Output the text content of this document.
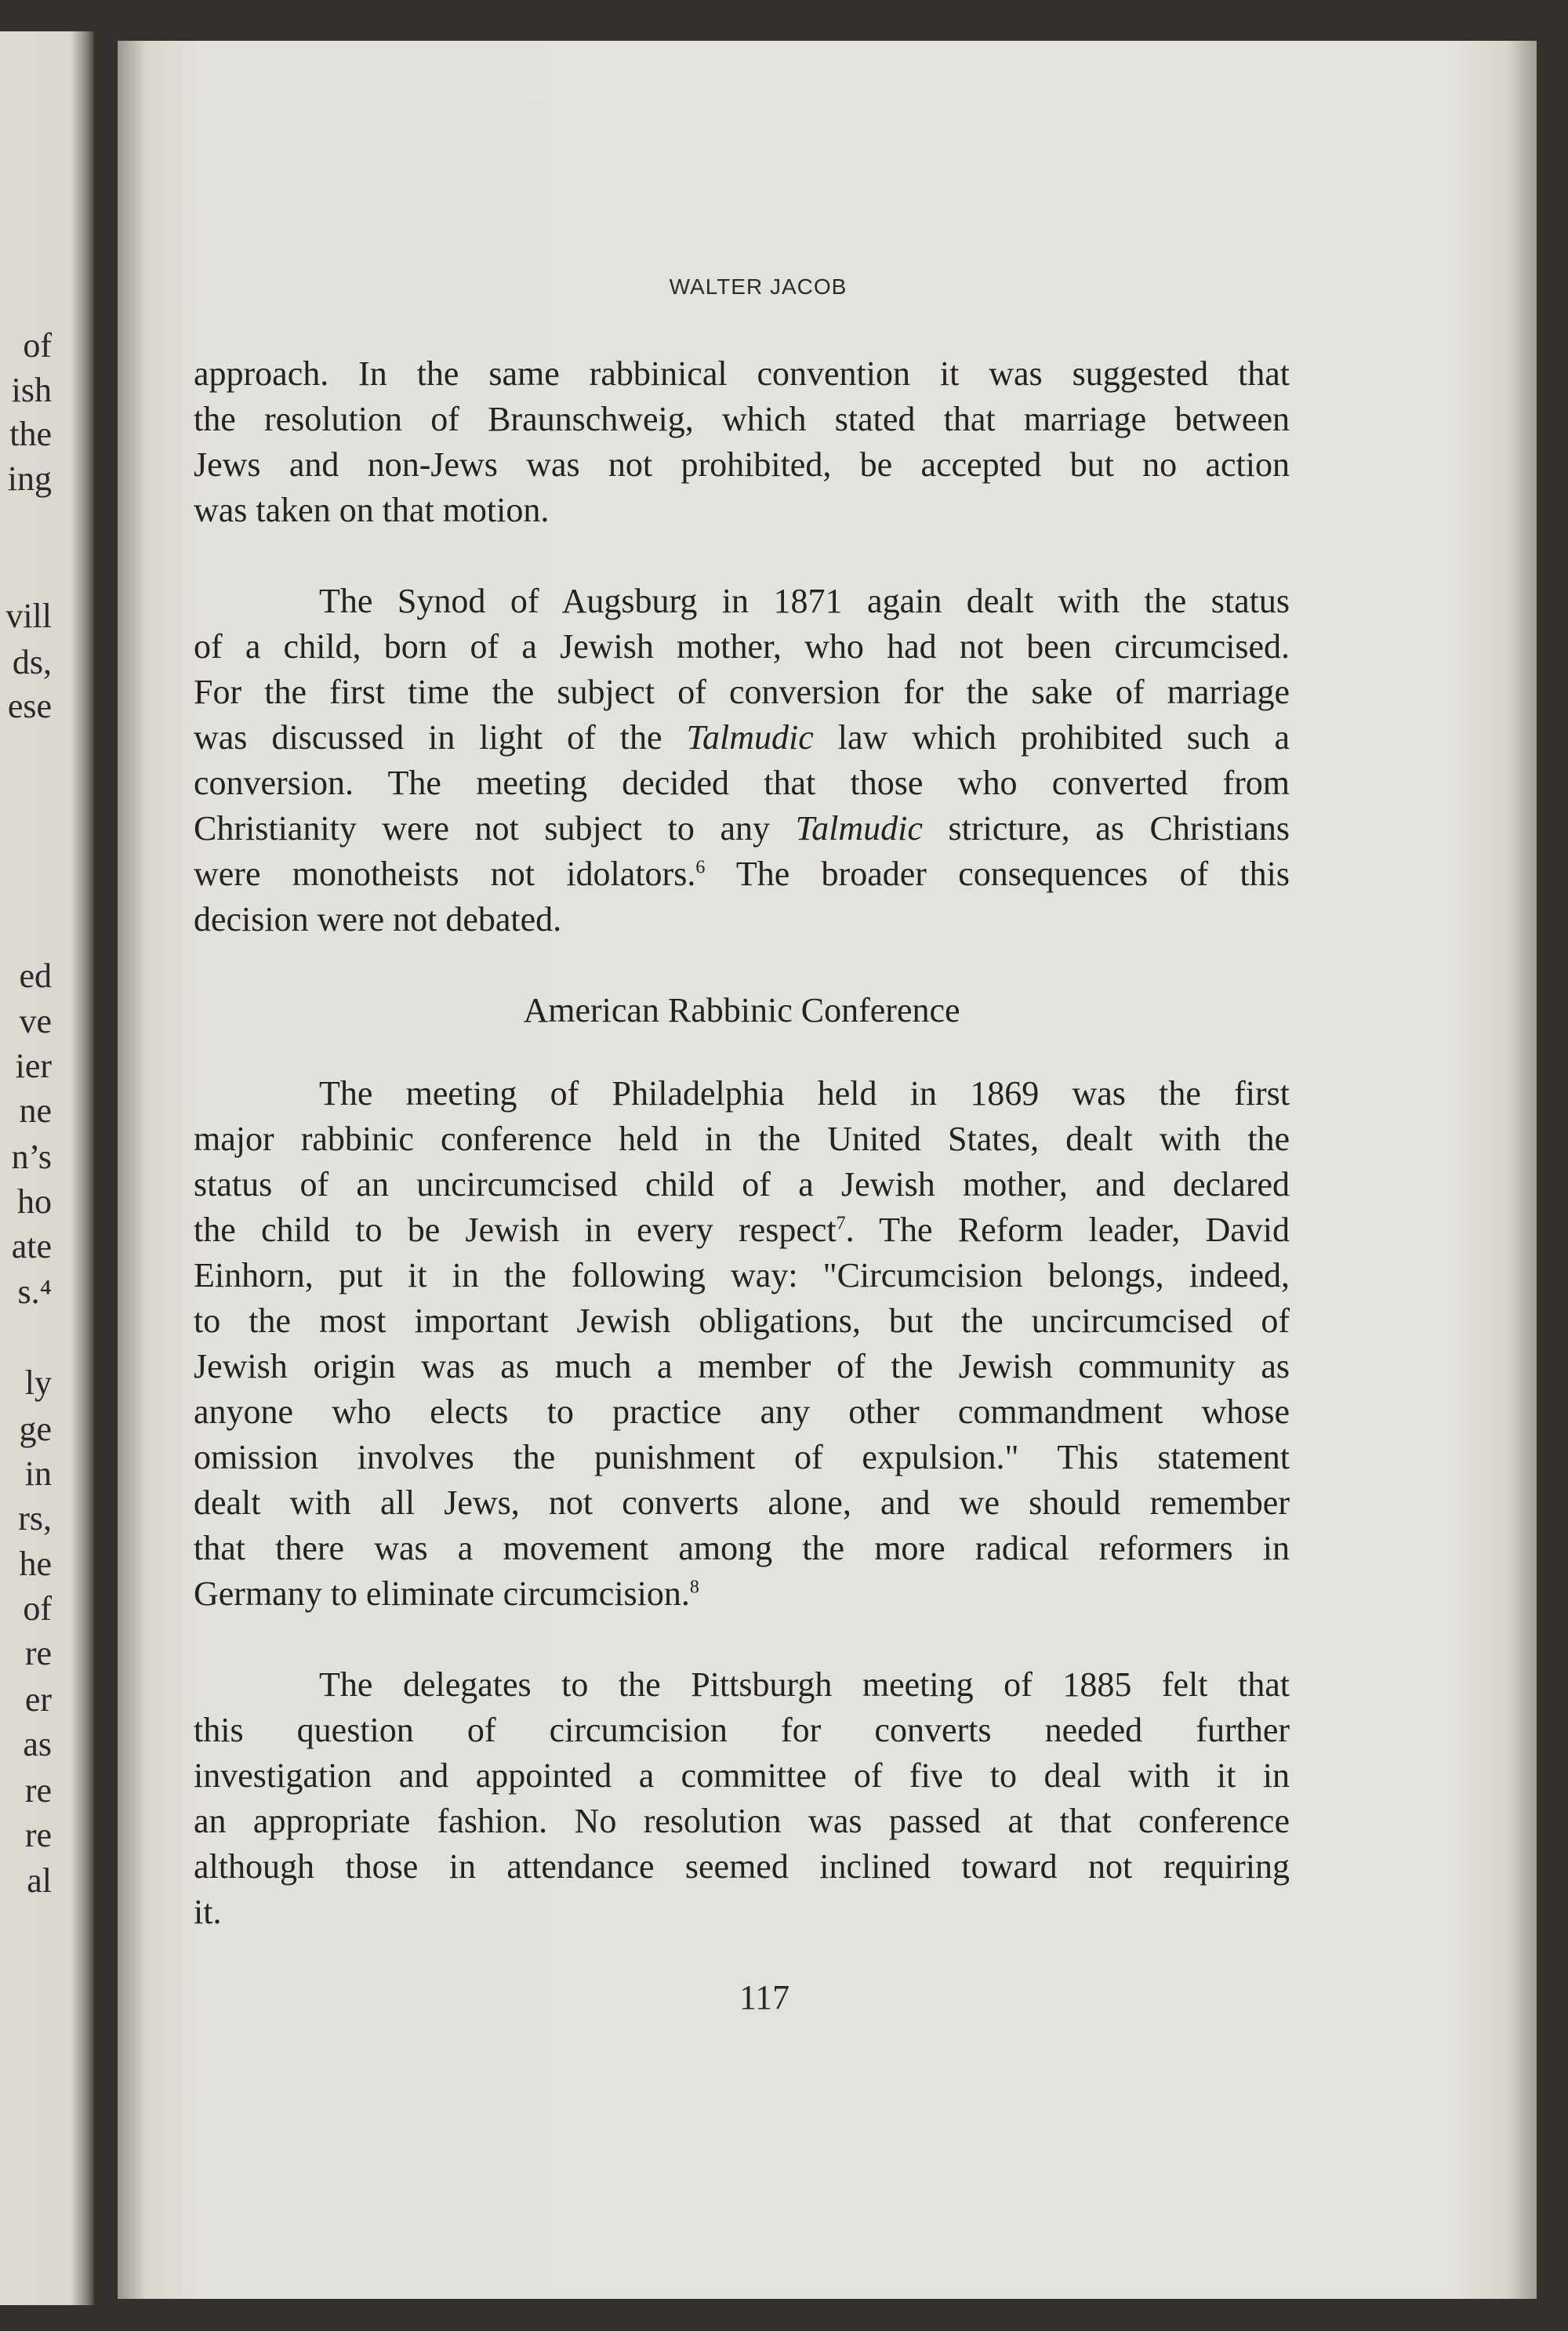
of
ish
the
ing
vill
ds,
ese
ed
ve
ier
ne
n’s
ho
ate
s.⁴
ly
ge
in
rs,
he
of
re
er
as
re
re
al
WALTER JACOB
approach. In the same rabbinical convention it was suggested that
the resolution of Braunschweig, which stated that marriage between
Jews and non-Jews was not prohibited, be accepted but no action
was taken on that motion.
The Synod of Augsburg in 1871 again dealt with the status
of a child, born of a Jewish mother, who had not been circumcised.
For the first time the subject of conversion for the sake of marriage
was discussed in light of the Talmudic law which prohibited such a
conversion. The meeting decided that those who converted from
Christianity were not subject to any Talmudic stricture, as Christians
were monotheists not idolators.$^6$ The broader consequences of this
decision were not debated.
American Rabbinic Conference
The meeting of Philadelphia held in 1869 was the first
major rabbinic conference held in the United States, dealt with the
status of an uncircumcised child of a Jewish mother, and declared
the child to be Jewish in every respect$^7$. The Reform leader, David
Einhorn, put it in the following way: "Circumcision belongs, indeed,
to the most important Jewish obligations, but the uncircumcised of
Jewish origin was as much a member of the Jewish community as
anyone who elects to practice any other commandment whose
omission involves the punishment of expulsion." This statement
dealt with all Jews, not converts alone, and we should remember
that there was a movement among the more radical reformers in
Germany to eliminate circumcision.$^8$
The delegates to the Pittsburgh meeting of 1885 felt that
this question of circumcision for converts needed further
investigation and appointed a committee of five to deal with it in
an appropriate fashion. No resolution was passed at that conference
although those in attendance seemed inclined toward not requiring
it.
117
